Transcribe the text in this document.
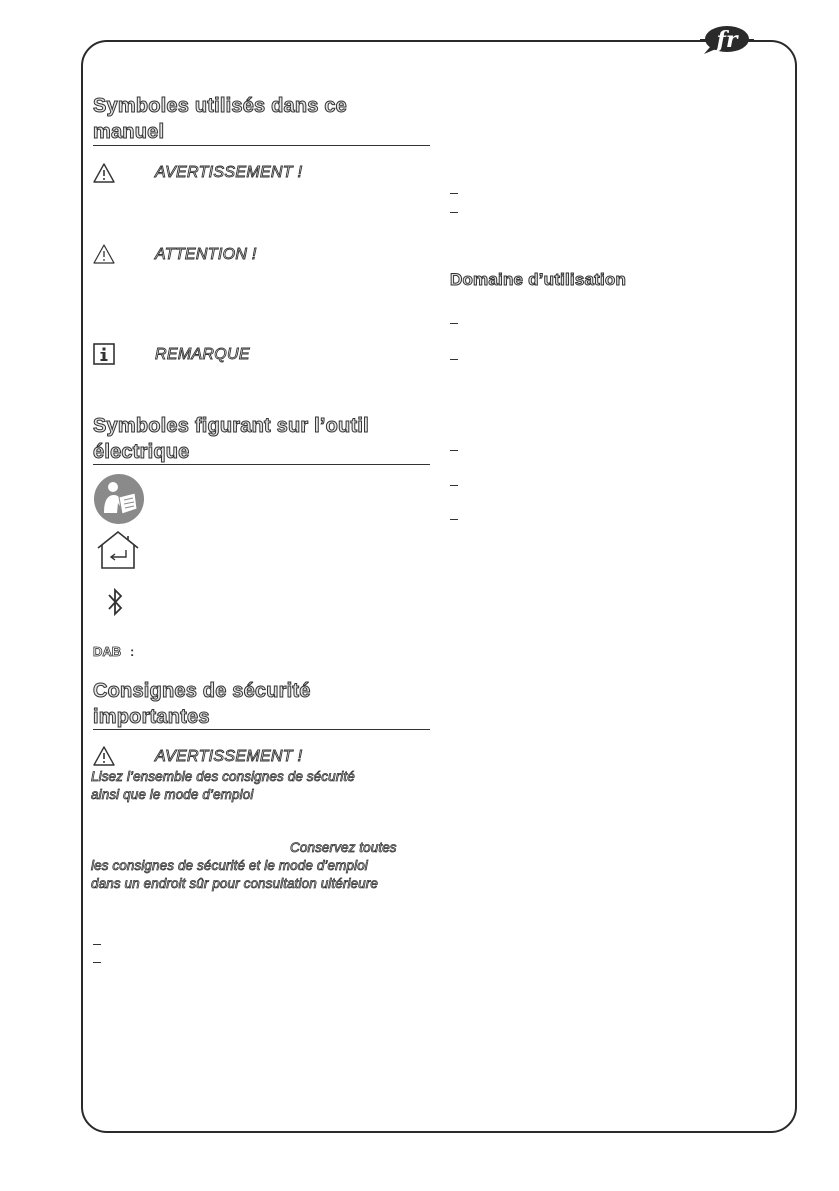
fr
Symboles utilisés dans ce
manuel
AVERTISSEMENT !
ATTENTION !
REMARQUE
Symboles figurant sur l’outil
électrique
DAB :
Consignes de sécurité
importantes
AVERTISSEMENT !
Lisez l’ensemble des consignes de sécurité
ainsi que le mode d’emploi
Conservez toutes
les consignes de sécurité et le mode d’emploi
dans un endroit sûr pour consultation ultérieure
Domaine d’utilisation
